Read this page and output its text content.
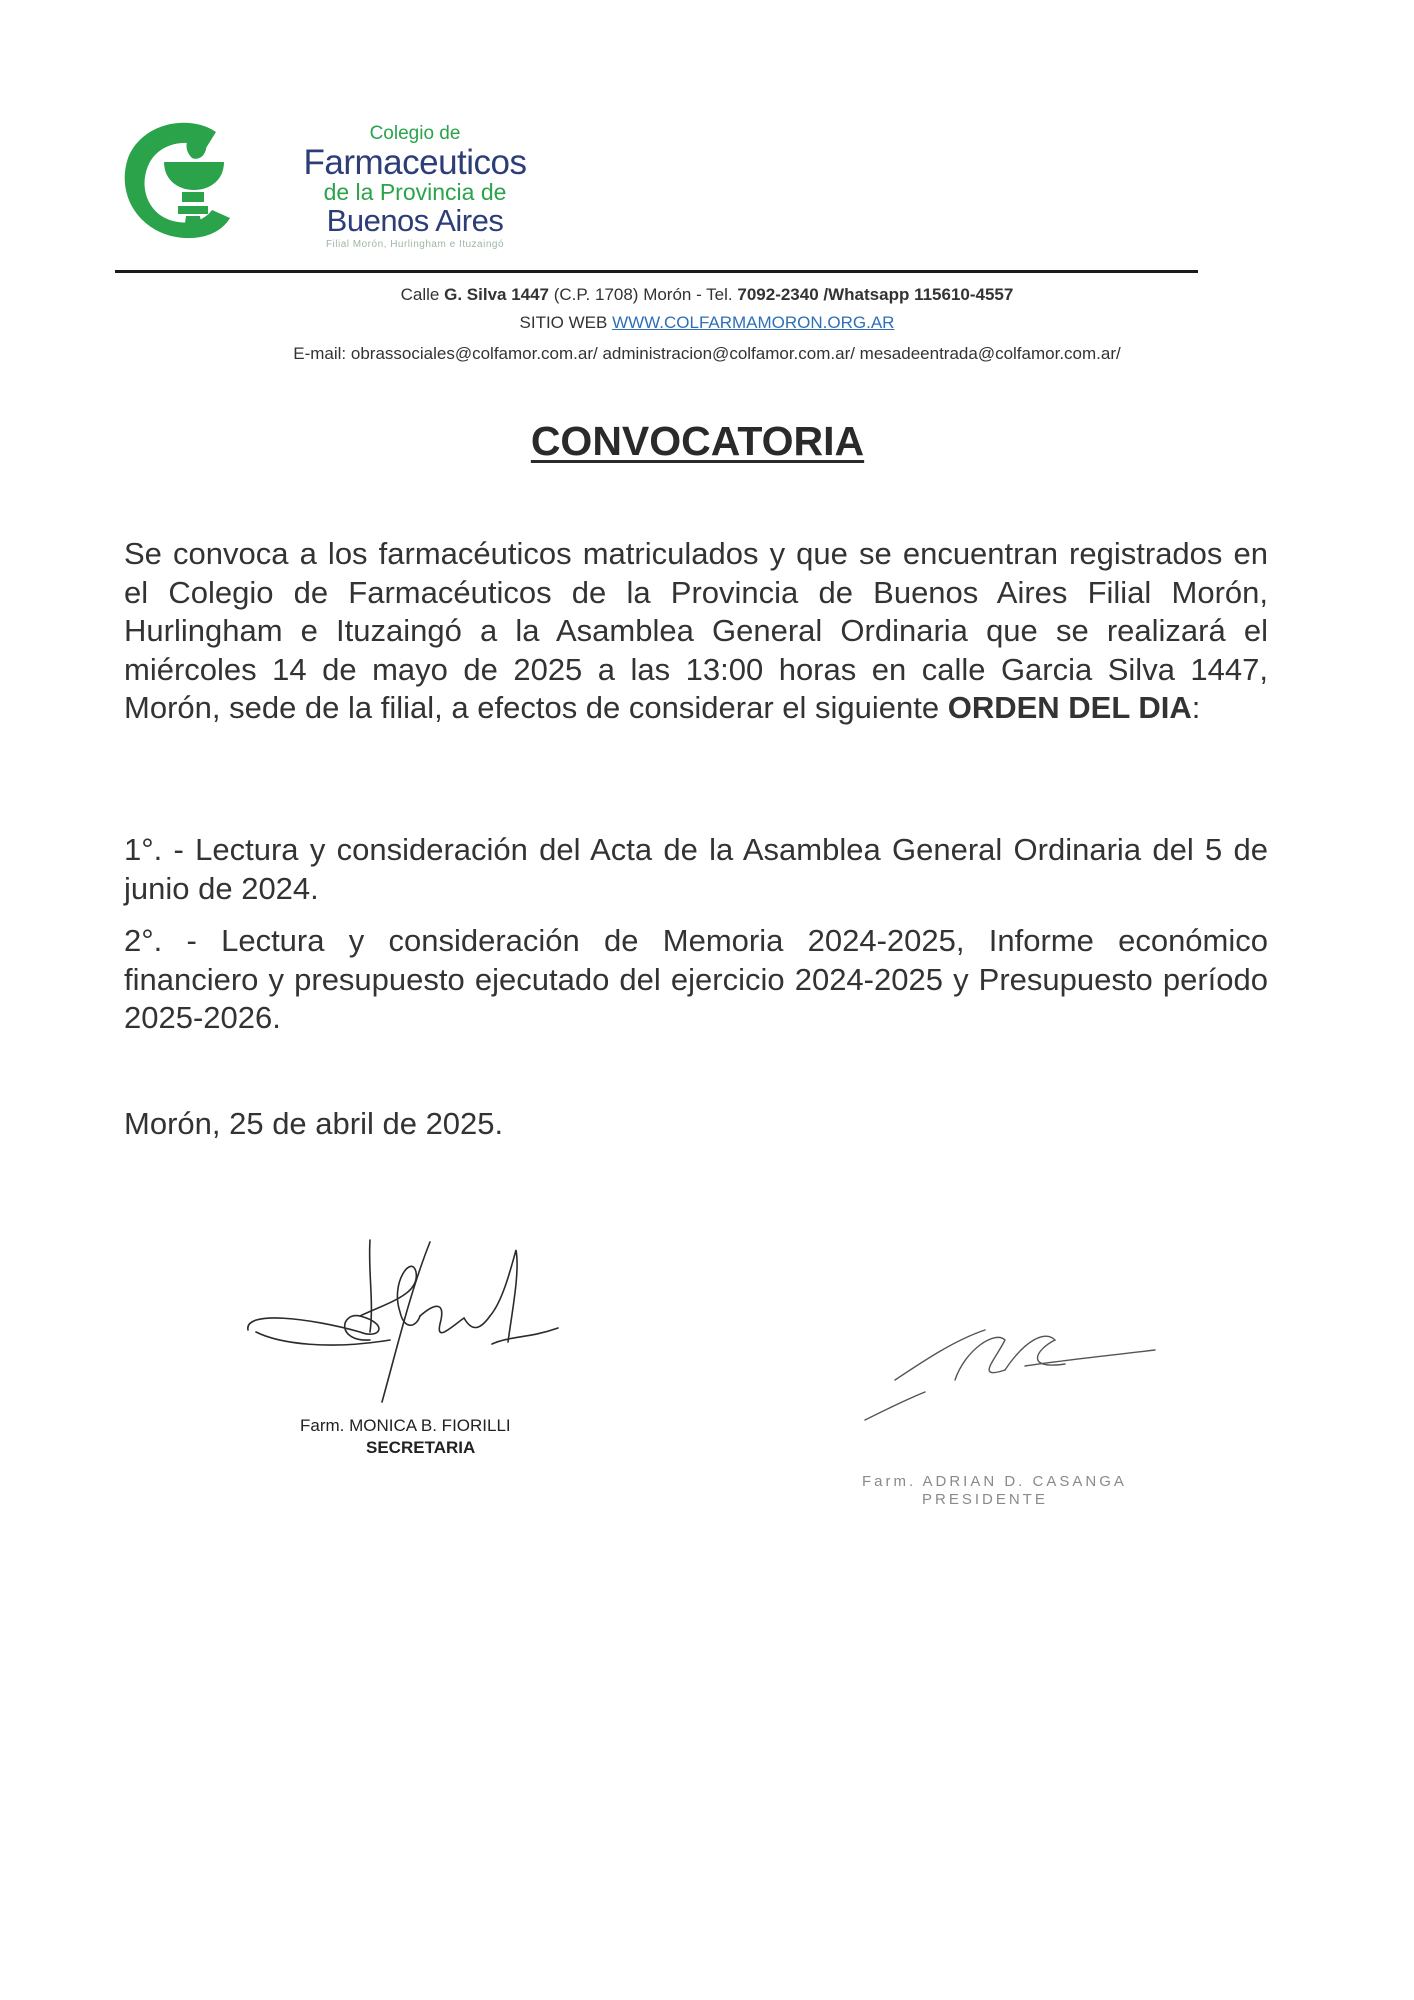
Colegio de
Farmaceuticos
de la Provincia de
Buenos Aires
Filial Morón, Hurlingham e Ituzaingó
Calle G. Silva 1447 (C.P. 1708) Morón - Tel. 7092-2340 /Whatsapp 115610-4557
SITIO WEB WWW.COLFARMAMORON.ORG.AR
E-mail: obrassociales@colfamor.com.ar/ administracion@colfamor.com.ar/ mesadeentrada@colfamor.com.ar/
CONVOCATORIA
Se convoca a los farmacéuticos matriculados y que se encuentran registrados en el Colegio de Farmacéuticos de la Provincia de Buenos Aires Filial Morón, Hurlingham e Ituzaingó a la Asamblea General Ordinaria que se realizará el miércoles 14 de mayo de 2025 a las 13:00 horas en calle Garcia Silva 1447, Morón, sede de la filial, a efectos de considerar el siguiente ORDEN DEL DIA:
1°. - Lectura y consideración del Acta de la Asamblea General Ordinaria del 5 de junio de 2024.
2°. - Lectura y consideración de Memoria 2024-2025, Informe económico financiero y presupuesto ejecutado del ejercicio 2024-2025 y Presupuesto período 2025-2026.
Morón, 25 de abril de 2025.
Farm. MONICA B. FIORILLI
SECRETARIA
Farm. ADRIAN D. CASANGA
PRESIDENTE
